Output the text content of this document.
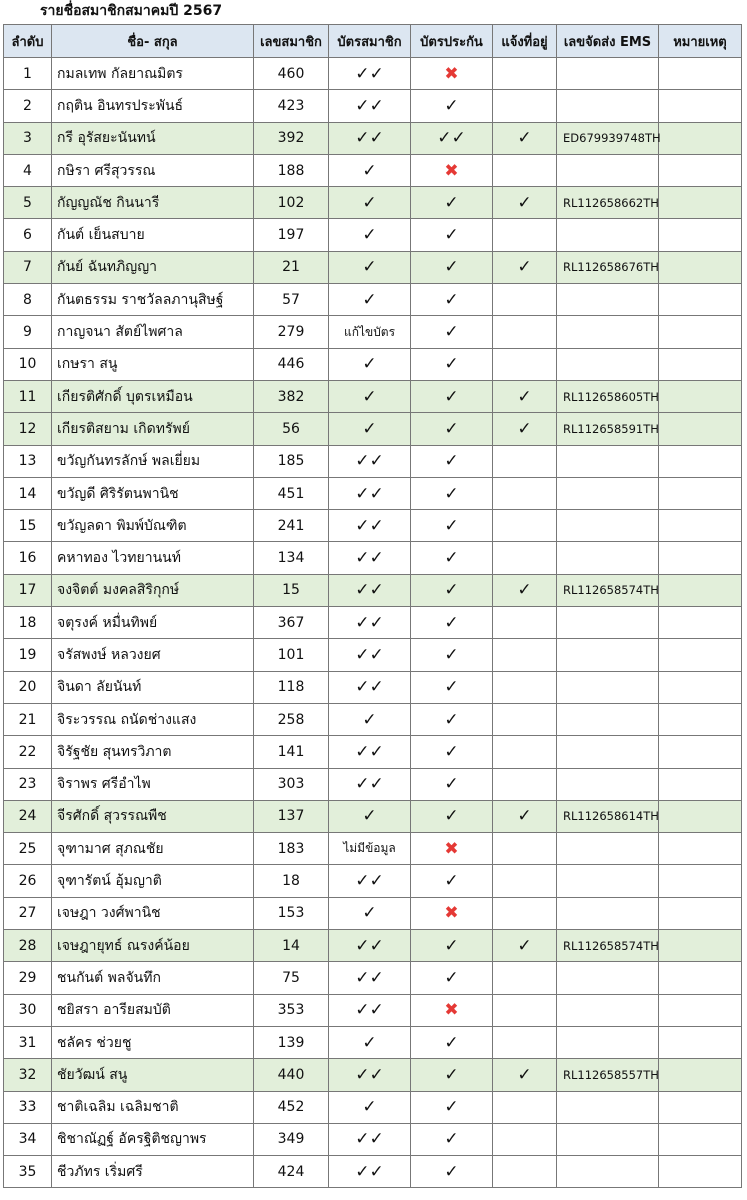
รายชื่อสมาชิกสมาคมปี 2567
ลำดับ	ชื่อ- สกุล	เลขสมาชิก	บัตรสมาชิก	บัตรประกัน	แจ้งที่อยู่	เลขจัดส่ง EMS	หมายเหตุ
1	กมลเทพ กัลยาณมิตร	460	✓✓	✖			
2	กฤติน อินทรประพันธ์	423	✓✓	✓			
3	กรี อุรัสยะนันทน์	392	✓✓	✓✓	✓	ED679939748TH	
4	กษิรา ศรีสุวรรณ	188	✓	✖			
5	กัญญณัช กินนารี	102	✓	✓	✓	RL112658662TH	
6	กันต์ เย็นสบาย	197	✓	✓			
7	กันย์ ฉันทภิญญา	21	✓	✓	✓	RL112658676TH	
8	กันตธรรม ราชวัลลภานุสิษฐ์	57	✓	✓			
9	กาญจนา สัตย์ไพศาล	279	แก้ไขบัตร	✓			
10	เกษรา สนู	446	✓	✓			
11	เกียรติศักดิ์ บุตรเหมือน	382	✓	✓	✓	RL112658605TH	
12	เกียรติสยาม เกิดทรัพย์	56	✓	✓	✓	RL112658591TH	
13	ขวัญกันทรลักษ์ พลเยี่ยม	185	✓✓	✓			
14	ขวัญดี ศิริรัตนพานิช	451	✓✓	✓			
15	ขวัญลดา พิมพ์บัณฑิต	241	✓✓	✓			
16	คหาทอง ไวทยานนท์	134	✓✓	✓			
17	จงจิตต์ มงคลสิริกุกษ์	15	✓✓	✓	✓	RL112658574TH	
18	จตุรงค์ หมื่นทิพย์	367	✓✓	✓			
19	จรัสพงษ์ หลวงยศ	101	✓✓	✓			
20	จินดา ลัยนันท์	118	✓✓	✓			
21	จิระวรรณ ถนัดช่างแสง	258	✓	✓			
22	จิรัฐชัย สุนทรวิภาต	141	✓✓	✓			
23	จิราพร ศรีอำไพ	303	✓✓	✓			
24	จีรศักดิ์ สุวรรณพืช	137	✓	✓	✓	RL112658614TH	
25	จุฑามาศ สุภณชัย	183	ไม่มีข้อมูล	✖			
26	จุฑารัตน์ อุ้มญาติ	18	✓✓	✓			
27	เจษฎา วงศ์พานิช	153	✓	✖			
28	เจษฎายุทธ์ ณรงค์น้อย	14	✓✓	✓	✓	RL112658574TH	
29	ชนกันต์ พลจันทึก	75	✓✓	✓			
30	ชยิสรา อารียสมบัติ	353	✓✓	✖			
31	ชลัคร ช่วยชู	139	✓	✓			
32	ชัยวัฒน์ สนู	440	✓✓	✓	✓	RL112658557TH	
33	ชาติเฉลิม เฉลิมชาติ	452	✓	✓			
34	ชิชาณัฏฐ์ อัครฐิติชญาพร	349	✓✓	✓			
35	ชีวภัทร เริ่มศรี	424	✓✓	✓			
